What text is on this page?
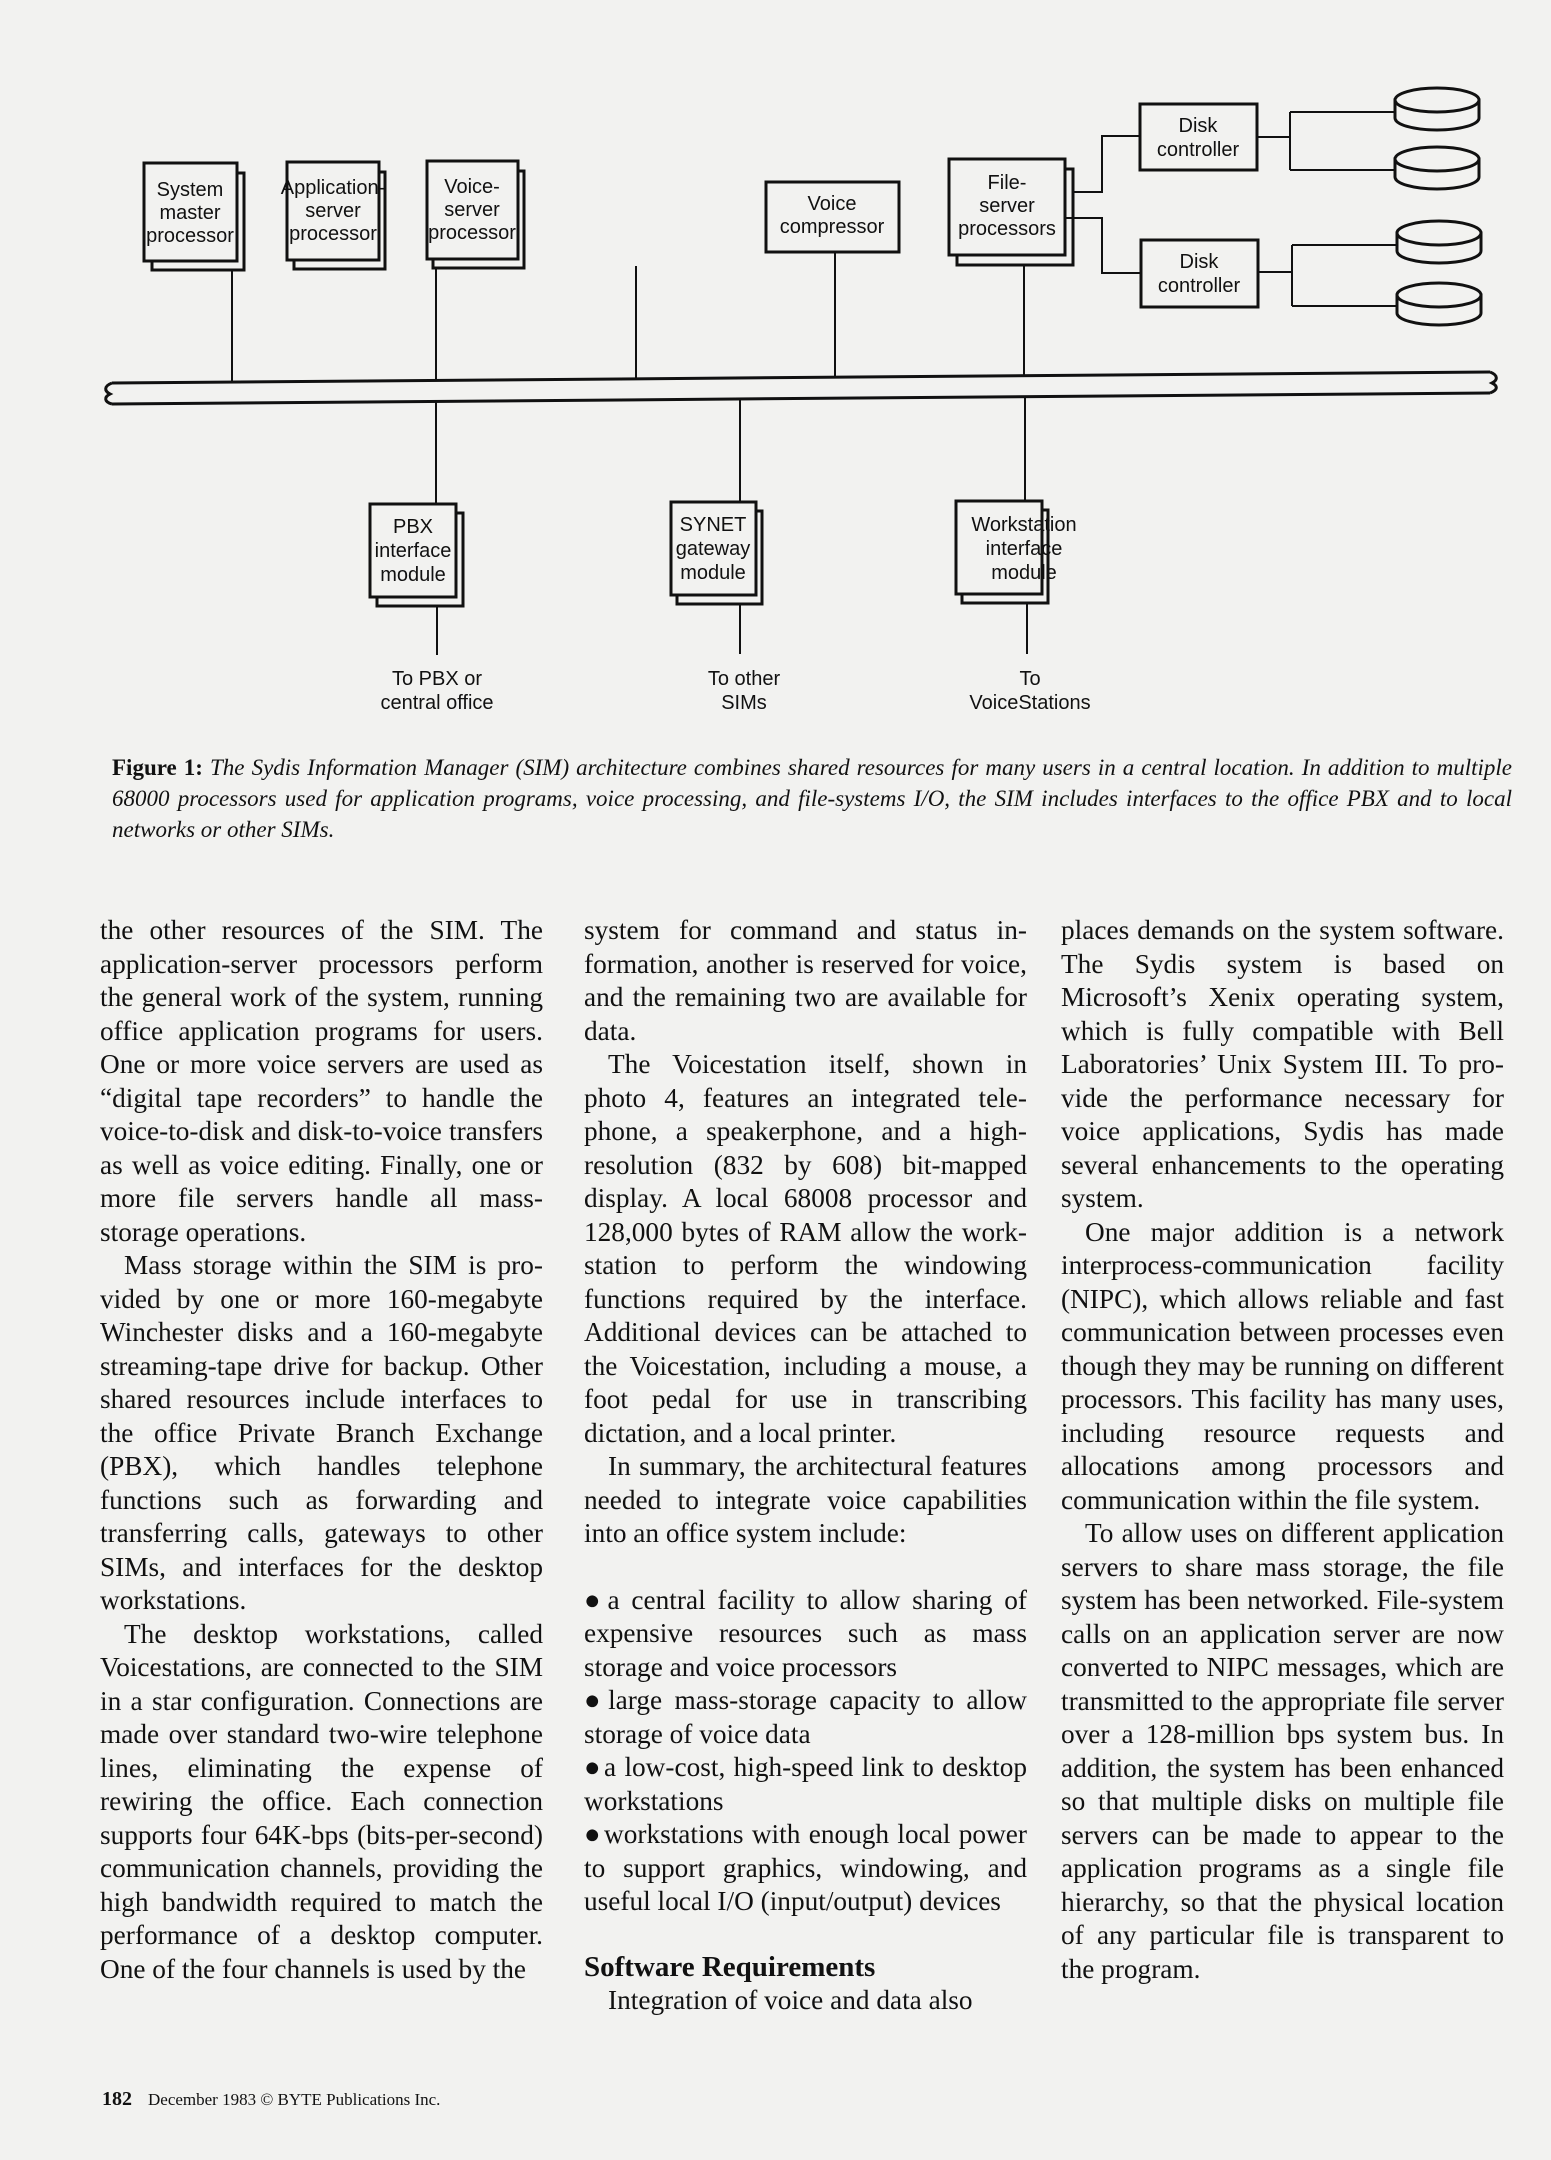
System
master
processor
Application-
server
processor
Voice-
server
processor
Voice
compressor
File-
server
processors
Disk
controller
Disk
controller
PBX
interface
module
SYNET
gateway
module
Workstation
interface
module
To PBX or
central office
To other
SIMs
To
VoiceStations
Figure 1: The Sydis Information Manager (SIM) architecture combines shared resources for many users in a central location. In addition to multiple 68000 processors used for application programs, voice processing, and file-systems I/O, the SIM includes interfaces to the office PBX and to local networks or other SIMs.

the other resources of the SIM. The application-server processors perform the general work of the system, running office application programs for users. One or more voice servers are used as “digital tape recorders” to handle the voice-to-disk and disk-to-voice transfers as well as voice editing. Finally, one or more file servers handle all mass-storage operations.

Mass storage within the SIM is provided by one or more 160-megabyte Winchester disks and a 160-megabyte streaming-tape drive for backup. Other shared resources include interfaces to the office Private Branch Exchange (PBX), which handles telephone functions such as forwarding and transferring calls, gateways to other SIMs, and interfaces for the desktop workstations.

The desktop workstations, called Voicestations, are connected to the SIM in a star configuration. Connections are made over standard two-wire telephone lines, eliminating the expense of rewiring the office. Each connection supports four 64K-bps (bits-per-second) communication channels, providing the high bandwidth required to match the performance of a desktop computer. One of the four channels is used by the

system for command and status information, another is reserved for voice, and the remaining two are available for data.

The Voicestation itself, shown in photo 4, features an integrated telephone, a speakerphone, and a high-resolution (832 by 608) bit-mapped display. A local 68008 processor and 128,000 bytes of RAM allow the workstation to perform the windowing functions required by the interface. Additional devices can be attached to the Voicestation, including a mouse, a foot pedal for use in transcribing dictation, and a local printer.

In summary, the architectural features needed to integrate voice capabilities into an office system include:

●a central facility to allow sharing of expensive resources such as mass storage and voice processors
●large mass-storage capacity to allow storage of voice data
●a low-cost, high-speed link to desktop workstations
●workstations with enough local power to support graphics, windowing, and useful local I/O (input/output) devices
Software Requirements

Integration of voice and data also

places demands on the system software. The Sydis system is based on Microsoft’s Xenix operating system, which is fully compatible with Bell Laboratories’ Unix System III. To provide the performance necessary for voice applications, Sydis has made several enhancements to the operating system.

One major addition is a network interprocess-communication facility (NIPC), which allows reliable and fast communication between processes even though they may be running on different processors. This facility has many uses, including resource requests and allocations among processors and communication within the file system.

To allow uses on different application servers to share mass storage, the file system has been networked. File-system calls on an application server are now converted to NIPC messages, which are transmitted to the appropriate file server over a 128-million bps system bus. In addition, the system has been enhanced so that multiple disks on multiple file servers can be made to appear to the application programs as a single file hierarchy, so that the physical location of any particular file is transparent to the program.

182 December 1983 © BYTE Publications Inc.
